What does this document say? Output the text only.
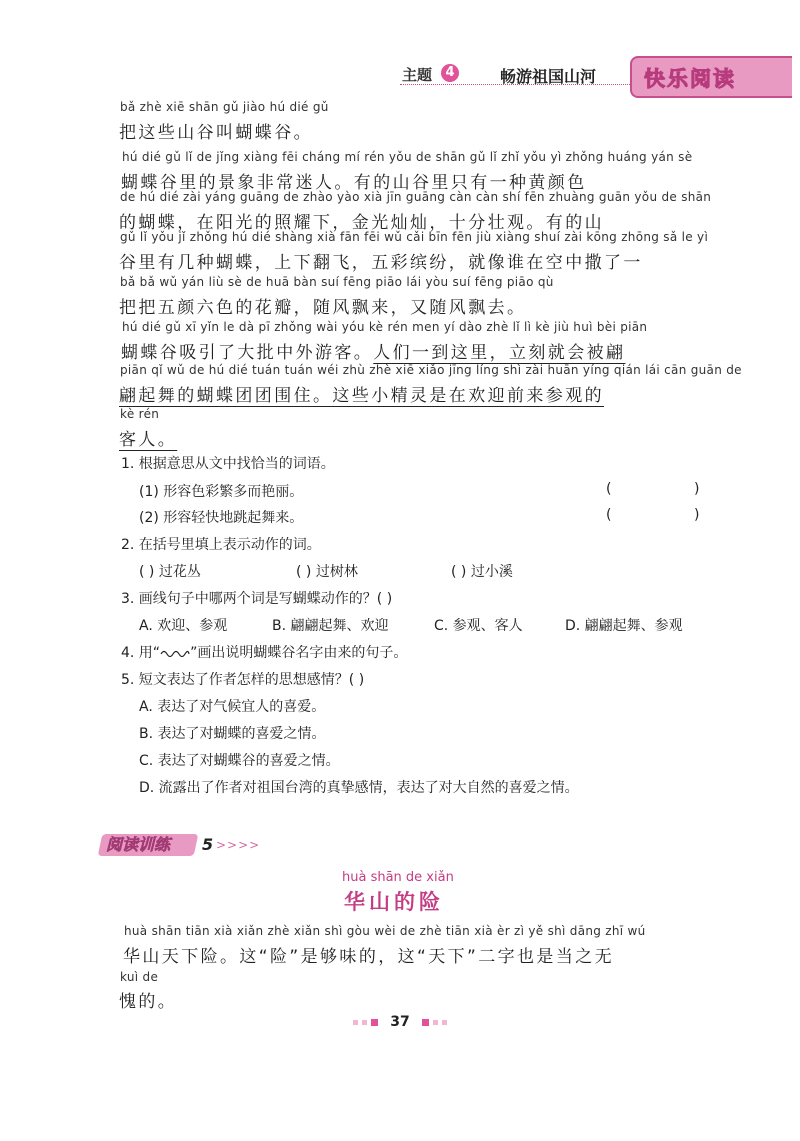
主题	4	畅游祖国山河 快乐阅读
bǎ zhè xiē shān gǔ jiào hú dié gǔ
把这些山谷叫蝴蝶谷。
hú dié gǔ lǐ de jǐng xiàng fēi cháng mí rén yǒu de shān gǔ lǐ zhǐ yǒu yì zhǒng huáng yán sè
蝴蝶谷里的景象非常迷人。有的山谷里只有一种黄颜色
de hú dié zài yáng guāng de zhào yào xià jīn guāng càn càn shí fēn zhuàng guān yǒu de shān
的蝴蝶，在阳光的照耀下，金光灿灿，十分壮观。有的山
gǔ lǐ yǒu jǐ zhǒng hú dié shàng xià fān fēi wǔ cǎi bīn fēn jiù xiàng shuí zài kōng zhōng sǎ le yì
谷里有几种蝴蝶，上下翻飞，五彩缤纷，就像谁在空中撒了一
bǎ bǎ wǔ yán liù sè de huā bàn suí fēng piāo lái yòu suí fēng piāo qù
把把五颜六色的花瓣，随风飘来，又随风飘去。
hú dié gǔ xī yǐn le dà pī zhǒng wài yóu kè rén men yí dào zhè lǐ lì kè jiù huì bèi piān
蝴蝶谷吸引了大批中外游客。人们一到这里，立刻就会被翩
piān qǐ wǔ de hú dié tuán tuán wéi zhù zhè xiē xiǎo jīng líng shì zài huān yíng qián lái cān guān de
翩起舞的蝴蝶团团围住。这些小精灵是在欢迎前来参观的
kè rén
客人。
1. 根据意思从文中找恰当的词语。
(1) 形容色彩繁多而艳丽。	(	)
(2) 形容轻快地跳起舞来。	(	)
2. 在括号里填上表示动作的词。
( ) 过花丛	( ) 过树林	( ) 过小溪
3. 画线句子中哪两个词是写蝴蝶动作的？( )
A. 欢迎、参观	B. 翩翩起舞、欢迎	C. 参观、客人	D. 翩翩起舞、参观
4. 用“ ”画出说明蝴蝶谷名字由来的句子。
5. 短文表达了作者怎样的思想感情？( )
A. 表达了对气候宜人的喜爱。
B. 表达了对蝴蝶的喜爱之情。
C. 表达了对蝴蝶谷的喜爱之情。
D. 流露出了作者对祖国台湾的真挚感情，表达了对大自然的喜爱之情。
阅读训练 5 >>>>
huà shān de xiǎn
华山的险
huà shān tiān xià xiǎn zhè xiǎn shì gòu wèi de zhè tiān xià èr zì yě shì dāng zhī wú
华山天下险。这“险”是够味的，这“天下”二字也是当之无
kuì de
愧的。
37
